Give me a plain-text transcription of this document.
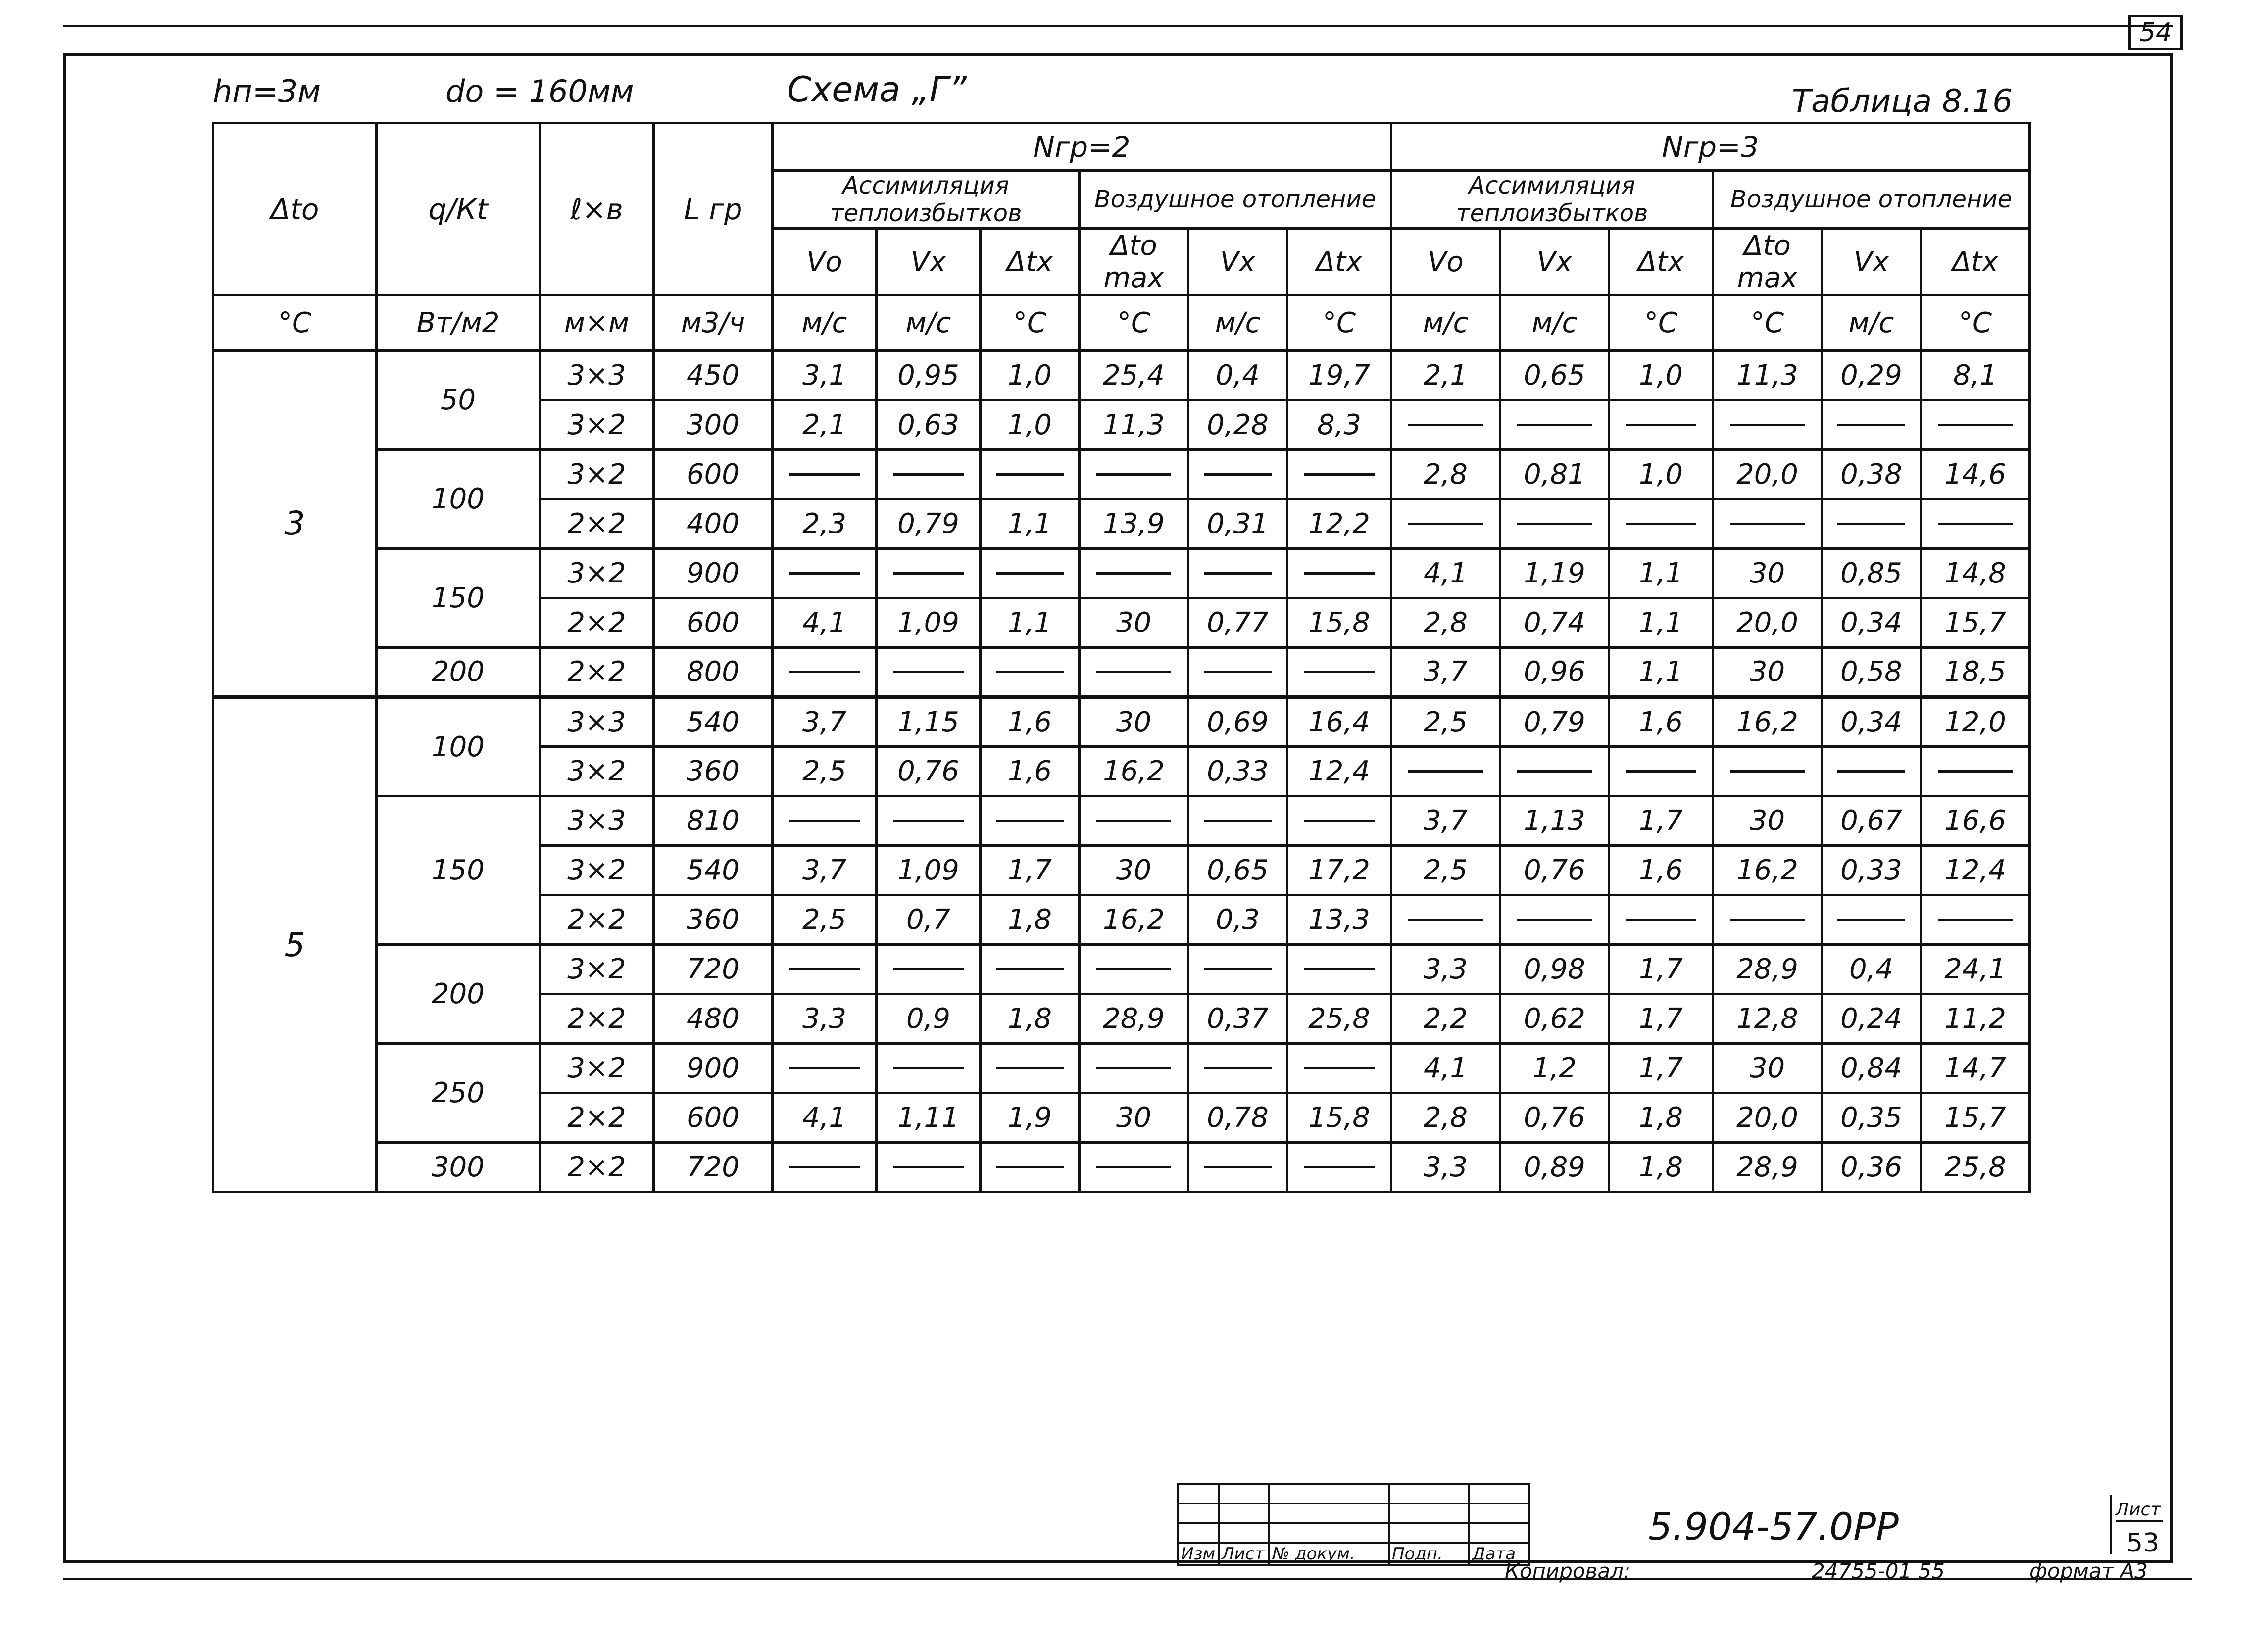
54
hп=3м	dо = 160мм	Схема „Г”	Таблица 8.16
Δtо	q/Кt	ℓ×в	L гр	Nгр=2						Nгр=3					
				Ассимиляция теплоизбытков			Воздушное отопление			Ассимиляция теплоизбытков			Воздушное отопление		
				Vо	Vx	Δtx	Δtо max	Vx	Δtx	Vо	Vx	Δtx	Δtо max	Vx	Δtx
°C	Вт/м2	м×м	м3/ч	м/с	м/с	°C	°C	м/с	°C	м/с	м/с	°C	°C	м/с	°C
3	50	3×3	450	3,1	0,95	1,0	25,4	0,4	19,7	2,1	0,65	1,0	11,3	0,29	8,1
		3×2	300	2,1	0,63	1,0	11,3	0,28	8,3	

	100	3×2	600							2,8	0,81	1,0	20,0	0,38	14,6
		2×2	400	2,3	0,79	1,1	13,9	0,31	12,2	

	150	3×2	900							4,1	1,19	1,1	30	0,85	14,8
		2×2	600	4,1	1,09	1,1	30	0,77	15,8	2,8	0,74	1,1	20,0	0,34	15,7
	200	2×2	800							3,7	0,96	1,1	30	0,58	18,5
5	100	3×3	540	3,7	1,15	1,6	30	0,69	16,4	2,5	0,79	1,6	16,2	0,34	12,0
		3×2	360	2,5	0,76	1,6	16,2	0,33	12,4	

	150	3×3	810							3,7	1,13	1,7	30	0,67	16,6
		3×2	540	3,7	1,09	1,7	30	0,65	17,2	2,5	0,76	1,6	16,2	0,33	12,4
		2×2	360	2,5	0,7	1,8	16,2	0,3	13,3	

	200	3×2	720							3,3	0,98	1,7	28,9	0,4	24,1
		2×2	480	3,3	0,9	1,8	28,9	0,37	25,8	2,2	0,62	1,7	12,8	0,24	11,2
	250	3×2	900							4,1	1,2	1,7	30	0,84	14,7
		2×2	600	4,1	1,11	1,9	30	0,78	15,8	2,8	0,76	1,8	20,0	0,35	15,7
	300	2×2	720							3,3	0,89	1,8	28,9	0,36	25,8

Изм	Лист	№ докум.	Подп.	Дата
5.904-57.0РР	Лист
53
Копировал:	24755-01 55	формат А3
